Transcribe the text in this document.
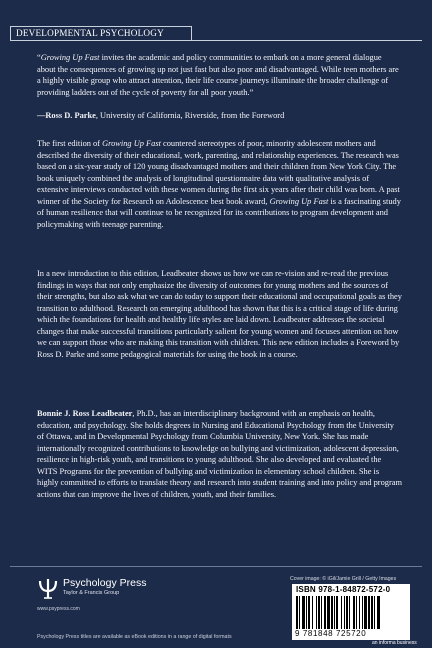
DEVELOPMENTAL PSYCHOLOGY

“Growing Up Fast invites the academic and policy communities to embark on a more general dialogue about the consequences of growing up not just fast but also poor and disadvantaged. While teen mothers are a highly visible group who attract attention, their life course journeys illuminate the broader challenge of providing ladders out of the cycle of poverty for all poor youth.”

—Ross D. Parke, University of California, Riverside, from the Foreword

The first edition of Growing Up Fast countered stereotypes of poor, minority adolescent mothers and described the diversity of their educational, work, parenting, and relationship experiences. The research was based on a six-year study of 120 young disadvantaged mothers and their children from New York City. The book uniquely combined the analysis of longitudinal questionnaire data with qualitative analysis of extensive interviews conducted with these women during the first six years after their child was born. A past winner of the Society for Research on Adolescence best book award, Growing Up Fast is a fascinating study of human resilience that will continue to be recognized for its contributions to program development and policymaking with teenage parenting.

In a new introduction to this edition, Leadbeater shows us how we can re-vision and re-read the previous findings in ways that not only emphasize the diversity of outcomes for young mothers and the sources of their strengths, but also ask what we can do today to support their educational and occupational goals as they transition to adulthood. Research on emerging adulthood has shown that this is a critical stage of life during which the foundations for health and healthy life styles are laid down. Leadbeater addresses the societal changes that make successful transitions particularly salient for young women and focuses attention on how we can support those who are making this transition with children. This new edition includes a Foreword by Ross D. Parke and some pedagogical materials for using the book in a course.

Bonnie J. Ross Leadbeater, Ph.D., has an interdisciplinary background with an emphasis on health, education, and psychology. She holds degrees in Nursing and Educational Psychology from the University of Ottawa, and in Developmental Psychology from Columbia University, New York. She has made internationally recognized contributions to knowledge on bullying and victimization, adolescent depression, resilience in high-risk youth, and transitions to young adulthood. She also developed and evaluated the WITS Programs for the prevention of bullying and victimization in elementary school children. She is highly committed to efforts to translate theory and research into student training and into policy and program actions that can improve the lives of children, youth, and their families.

Psychology Press
Taylor & Francis Group
www.psypress.com
Cover image: © iGil/Jamie Grill / Getty Images
ISBN 978-1-84872-572-0
9 781848 725720
Psychology Press titles are available as eBook editions in a range of digital formats
an informa business
